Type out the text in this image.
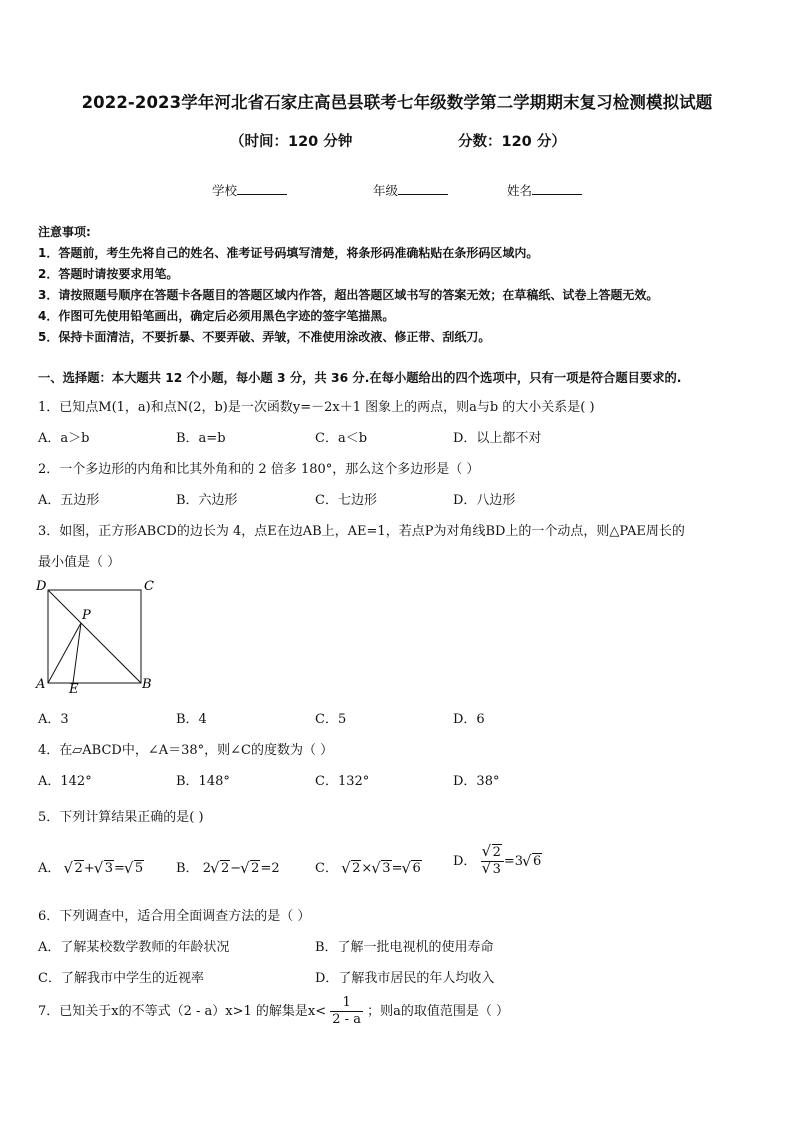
2022-2023学年河北省石家庄高邑县联考七年级数学第二学期期末复习检测模拟试题
（时间：120 分钟	分数：120 分）
学校	年级	姓名
注意事项:
1．答题前，考生先将自己的姓名、准考证号码填写清楚，将条形码准确粘贴在条形码区域内。
2．答题时请按要求用笔。
3．请按照题号顺序在答题卡各题目的答题区域内作答，超出答题区域书写的答案无效；在草稿纸、试卷上答题无效。
4．作图可先使用铅笔画出，确定后必须用黑色字迹的签字笔描黑。
5．保持卡面清洁，不要折暴、不要弄破、弄皱，不准使用涂改液、修正带、刮纸刀。
一、选择题：本大题共 12 个小题，每小题 3 分，共 36 分.在每小题给出的四个选项中，只有一项是符合题目要求的.
1．已知点M(1，a)和点N(2，b)是一次函数y=－2x＋1 图象上的两点，则a与b 的大小关系是( )
A．a＞b	B．a=b	C．a＜b	D．以上都不对
2．一个多边形的内角和比其外角和的 2 倍多 180°，那么这个多边形是（ ）
A．五边形	B．六边形	C．七边形	D．八边形
3．如图，正方形ABCD的边长为 4，点E在边AB上，AE=1，若点P为对角线BD上的一个动点，则△PAE周长的
最小值是（ ）
D	C
P
A E	B
A．3	B．4	C．5	D．6
4．在▱ABCD中，∠A＝38°，则∠C的度数为（ ）
A．142°	B．148°	C．132°	D．38°
5．下列计算结果正确的是( )
A． √ 2+ √ 3= √ 5	B． 2 √ 2− √ 2=2	C． √ 2× √ 3= √ 6 D． √ 2
√ 3 =3 √ 6
6．下列调查中，适合用全面调查方法的是（ ）
A．了解某校数学教师的年龄状况	B．了解一批电视机的使用寿命
C．了解我市中学生的近视率	D．了解我市居民的年人均收入
7．已知关于x的不等式（2 - a）x>1 的解集是$x< \frac{1}{2 - a}$ ；则a的取值范围是（ ）
